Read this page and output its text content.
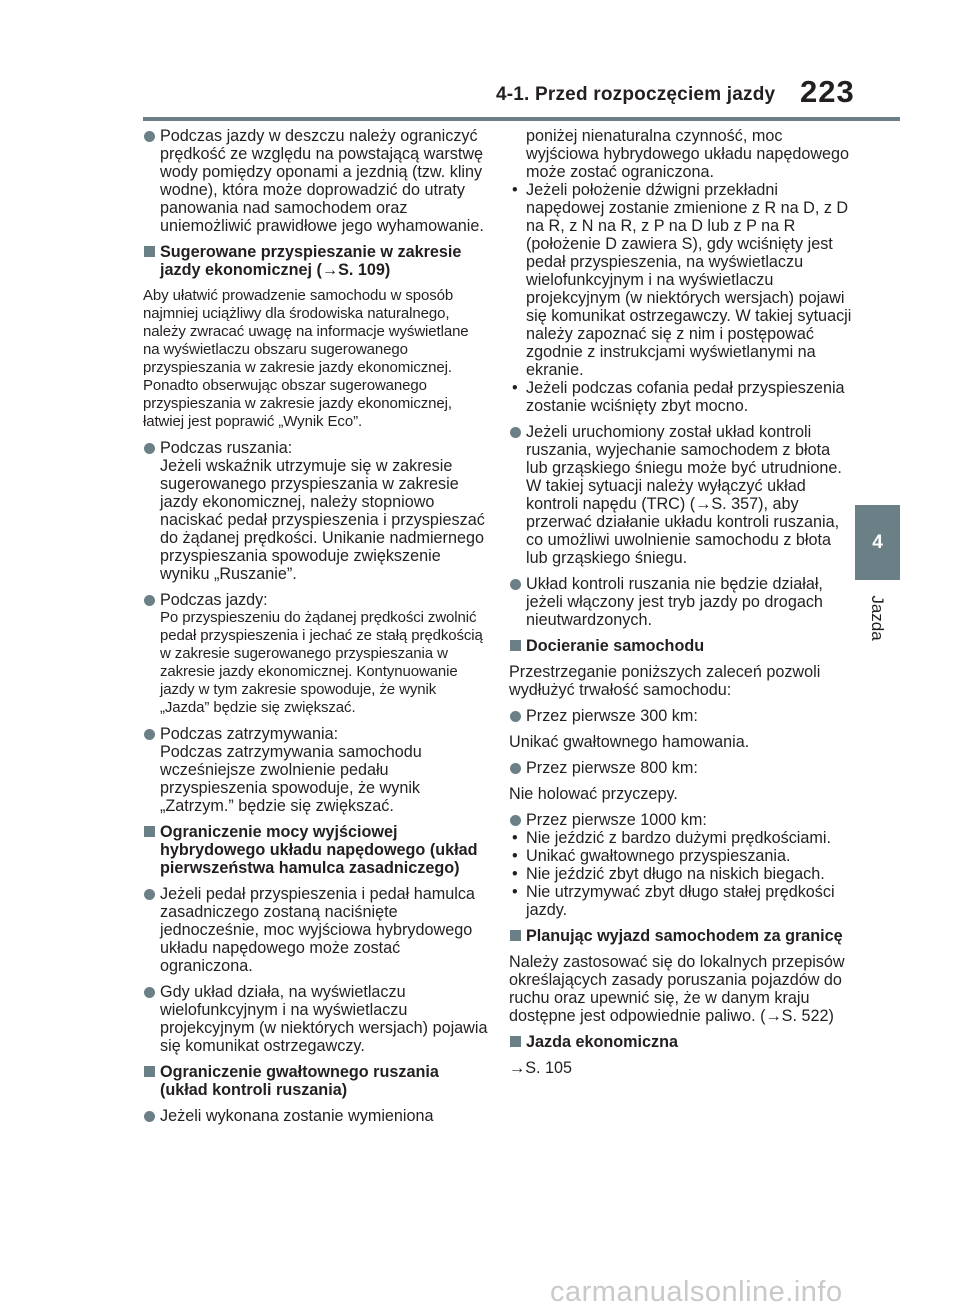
4-1. Przed rozpoczęciem jazdy 223
4
Jazda
Podczas jazdy w deszczu należy ograniczyć prędkość ze względu na powstającą warstwę wody pomiędzy oponami a jezdnią (tzw. kliny wodne), która może doprowadzić do utraty panowania nad samochodem oraz uniemożliwić prawidłowe jego wyhamowanie.
Sugerowane przyspieszanie w zakresie jazdy ekonomicznej (→S. 109)
Aby ułatwić prowadzenie samochodu w sposób najmniej uciążliwy dla środowiska naturalnego, należy zwracać uwagę na informacje wyświetlane na wyświetlaczu obszaru sugerowanego przyspieszania w zakresie jazdy ekonomicznej. Ponadto obserwując obszar sugerowanego przyspieszania w zakresie jazdy ekonomicznej, łatwiej jest poprawić „Wynik Eco”.
Podczas ruszania:
Jeżeli wskaźnik utrzymuje się w zakresie sugerowanego przyspieszania w zakresie jazdy ekonomicznej, należy stopniowo naciskać pedał przyspieszenia i przyspieszać do żądanej prędkości. Unikanie nadmiernego przyspieszania spowoduje zwiększenie wyniku „Ruszanie”.
Podczas jazdy:
Po przyspieszeniu do żądanej prędkości zwolnić pedał przyspieszenia i jechać ze stałą prędkością w zakresie sugerowanego przyspieszania w zakresie jazdy ekonomicznej. Kontynuowanie jazdy w tym zakresie spowoduje, że wynik „Jazda” będzie się zwiększać.
Podczas zatrzymywania:
Podczas zatrzymywania samochodu wcześniejsze zwolnienie pedału przyspieszenia spowoduje, że wynik „Zatrzym.” będzie się zwiększać.
Ograniczenie mocy wyjściowej hybrydowego układu napędowego (układ pierwszeństwa hamulca zasadniczego)
Jeżeli pedał przyspieszenia i pedał hamulca zasadniczego zostaną naciśnięte jednocześnie, moc wyjściowa hybrydowego układu napędowego może zostać ograniczona.
Gdy układ działa, na wyświetlaczu wielofunkcyjnym i na wyświetlaczu projekcyjnym (w niektórych wersjach) pojawia się komunikat ostrzegawczy.
Ograniczenie gwałtownego ruszania (układ kontroli ruszania)
Jeżeli wykonana zostanie wymieniona
poniżej nienaturalna czynność, moc wyjściowa hybrydowego układu napędowego może zostać ograniczona.
• Jeżeli położenie dźwigni przekładni napędowej zostanie zmienione z R na D, z D na R, z N na R, z P na D lub z P na R (położenie D zawiera S), gdy wciśnięty jest pedał przyspieszenia, na wyświetlaczu wielofunkcyjnym i na wyświetlaczu projekcyjnym (w niektórych wersjach) pojawi się komunikat ostrzegawczy. W takiej sytuacji należy zapoznać się z nim i postępować zgodnie z instrukcjami wyświetlanymi na ekranie.
• Jeżeli podczas cofania pedał przyspieszenia zostanie wciśnięty zbyt mocno.
Jeżeli uruchomiony został układ kontroli ruszania, wyjechanie samochodem z błota lub grząskiego śniegu może być utrudnione. W takiej sytuacji należy wyłączyć układ kontroli napędu (TRC) (→S. 357), aby przerwać działanie układu kontroli ruszania, co umożliwi uwolnienie samochodu z błota lub grząskiego śniegu.
Układ kontroli ruszania nie będzie działał, jeżeli włączony jest tryb jazdy po drogach nieutwardzonych.
Docieranie samochodu
Przestrzeganie poniższych zaleceń pozwoli wydłużyć trwałość samochodu:
Przez pierwsze 300 km:
Unikać gwałtownego hamowania.
Przez pierwsze 800 km:
Nie holować przyczepy.
Przez pierwsze 1000 km:
• Nie jeździć z bardzo dużymi prędkościami.
• Unikać gwałtownego przyspieszania.
• Nie jeździć zbyt długo na niskich biegach.
• Nie utrzymywać zbyt długo stałej prędkości jazdy.
Planując wyjazd samochodem za granicę
Należy zastosować się do lokalnych przepisów określających zasady poruszania pojazdów do ruchu oraz upewnić się, że w danym kraju dostępne jest odpowiednie paliwo. (→S. 522)
Jazda ekonomiczna
→S. 105
carmanualsonline.info
